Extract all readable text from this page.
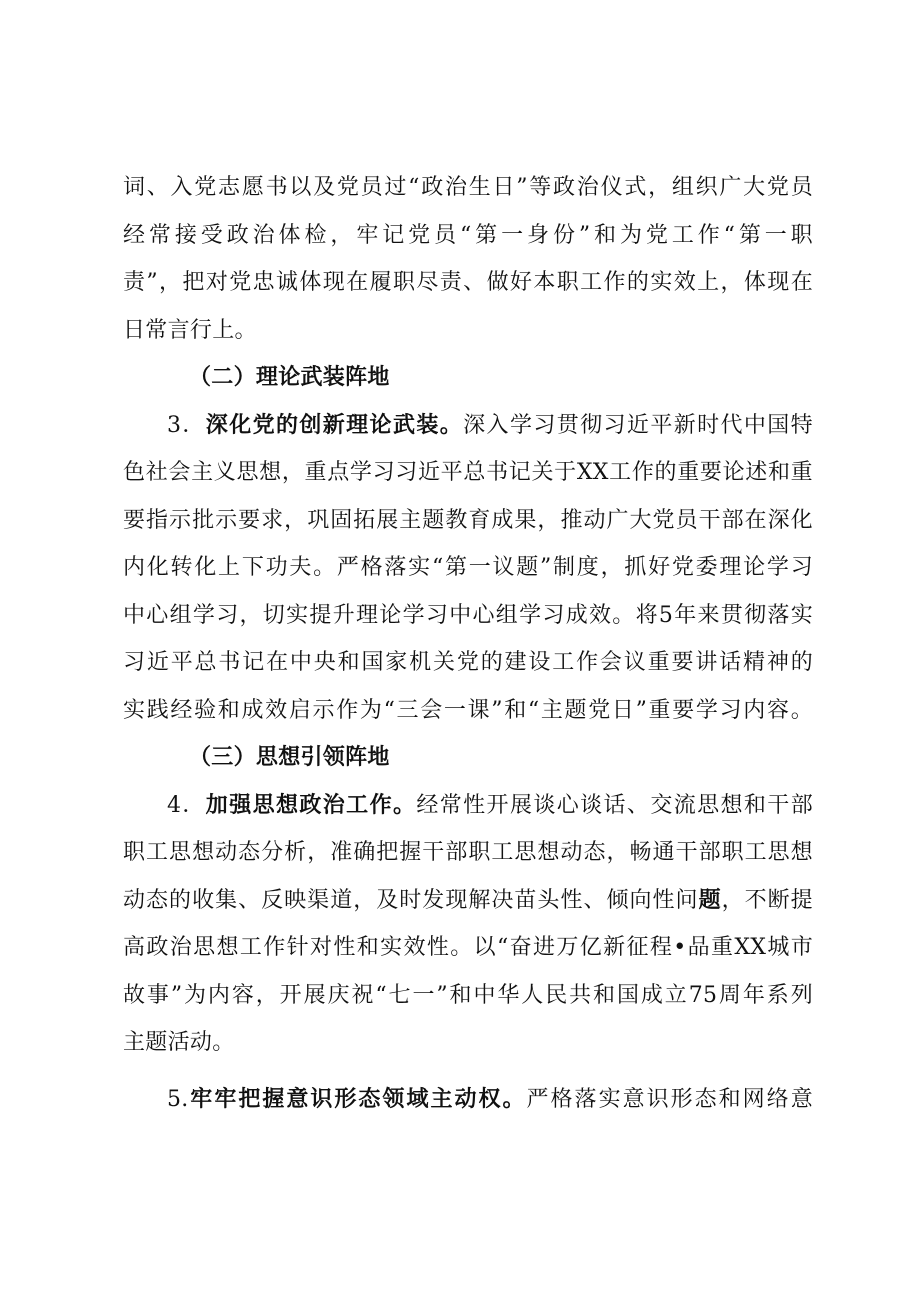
词、入党志愿书以及党员过“政治生日”等政治仪式，组织广大党员
经常接受政治体检，牢记党员“第一身份”和为党工作“第一职
责”，把对党忠诚体现在履职尽责、做好本职工作的实效上，体现在
日常言行上。
（二）理论武装阵地
3．深化党的创新理论武装。深入学习贯彻习近平新时代中国特
色社会主义思想，重点学习习近平总书记关于XX工作的重要论述和重
要指示批示要求，巩固拓展主题教育成果，推动广大党员干部在深化
内化转化上下功夫。严格落实“第一议题”制度，抓好党委理论学习
中心组学习，切实提升理论学习中心组学习成效。将5年来贯彻落实
习近平总书记在中央和国家机关党的建设工作会议重要讲话精神的
实践经验和成效启示作为“三会一课”和“主题党日”重要学习内容。
（三）思想引领阵地
4．加强思想政治工作。经常性开展谈心谈话、交流思想和干部
职工思想动态分析，准确把握干部职工思想动态，畅通干部职工思想
动态的收集、反映渠道，及时发现解决苗头性、倾向性问题，不断提
高政治思想工作针对性和实效性。以“奋进万亿新征程•品重XX城市
故事”为内容，开展庆祝“七一”和中华人民共和国成立75周年系列
主题活动。
5.牢牢把握意识形态领域主动权。严格落实意识形态和网络意
